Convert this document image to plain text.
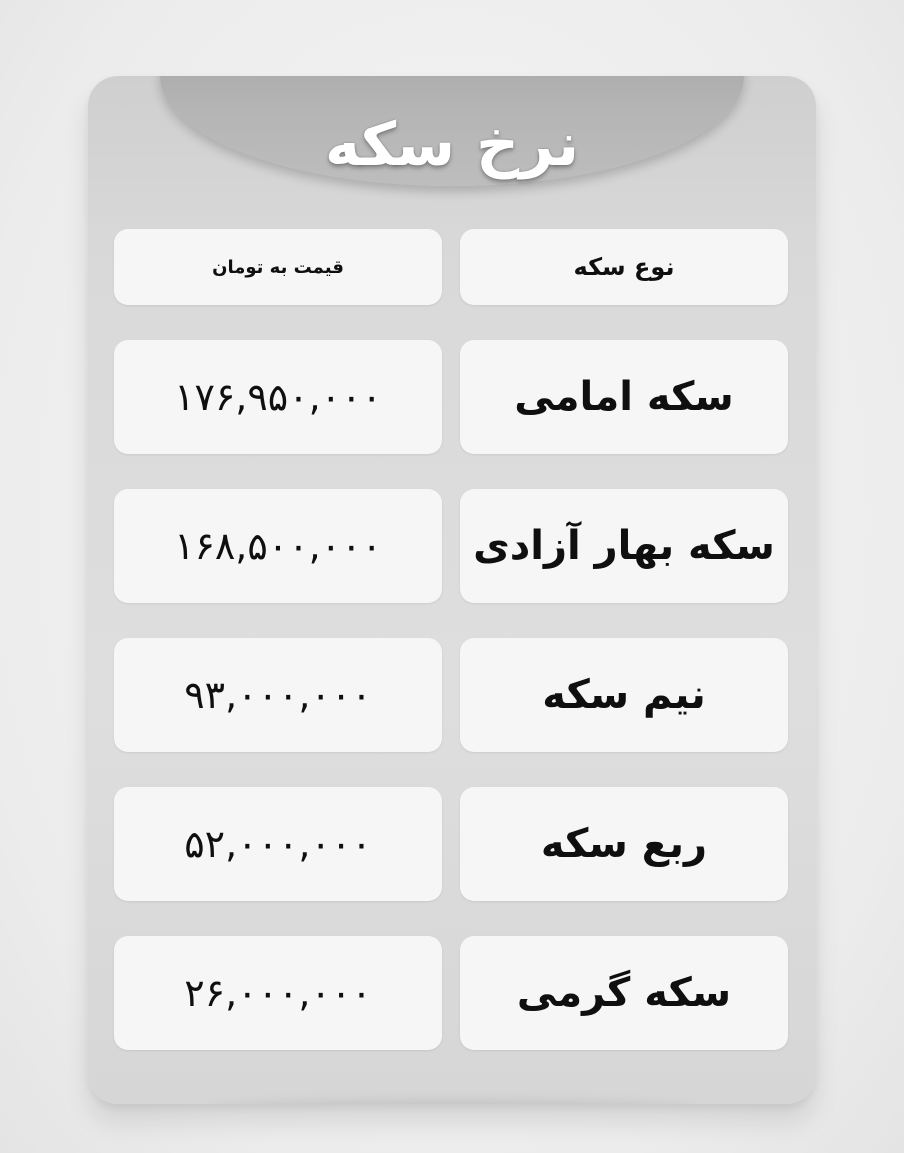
نرخ سکه
قیمت به تومان	نوع سکه
۱۷۶,۹۵۰,۰۰۰	سکه امامی
۱۶۸,۵۰۰,۰۰۰ سکه بهار آزادی
۹۳,۰۰۰,۰۰۰	نیم سکه
۵۲,۰۰۰,۰۰۰	ربع سکه
۲۶,۰۰۰,۰۰۰	سکه گرمی
